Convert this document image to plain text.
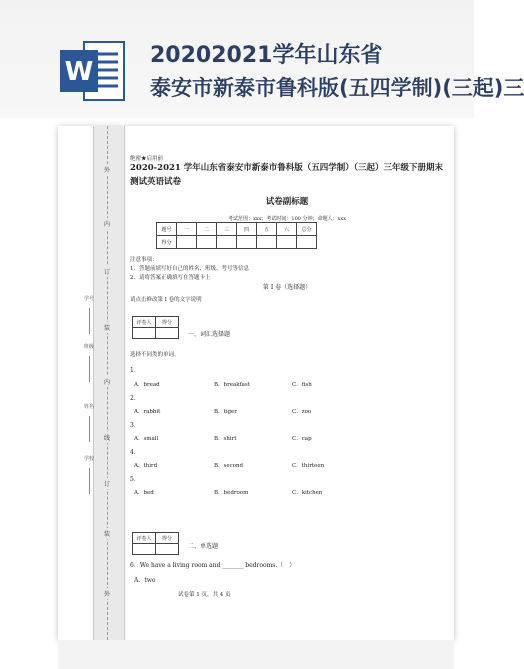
W
20202021学年山东省
泰安市新泰市鲁科版(五四学制)(三起)三
外
内
订
装
内
线
订
装
外
学号
班级
姓名
学校
绝密★启用前
2020-2021 学年山东省泰安市新泰市鲁科版（五四学制）（三起）三年级下册期末测试英语试卷
试卷副标题
考试范围：xxx；考试时间：100 分钟；命题人：xxx
题号	一	二	三	四	五	六	总分
得分							
注意事项：
1．答题前填写好自己的姓名、班级、考号等信息
2．请将答案正确填写在答题卡上
第 I 卷（选择题）
请点击修改第 I 卷的文字说明
评卷人	得分

一、词汇选择题
选择不同类的单词。
1．
A．bread	B．breakfast	C．fish
2．
A．rabbit	B．tiger	C．zoo
3．
A．small	B．shirt	C．cap
4．
A．third	B．second	C．thirteen
5．
A．bed	B．bedroom	C．kitchen
评卷人	得分

二、单选题
6．We have a living room and _______ bedrooms.（　）
A．two
试卷第 1 页，共 4 页
